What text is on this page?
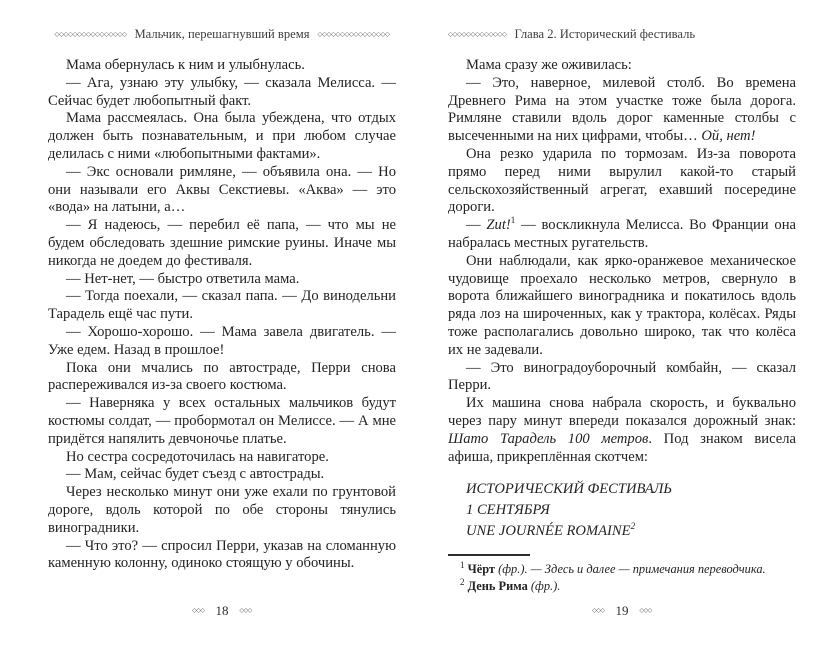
◇◇◇◇◇◇◇◇◇◇◇◇◇◇◇◇ Мальчик, перешагнувший время ◇◇◇◇◇◇◇◇◇◇◇◇◇◇◇◇

Мама обернулась к ним и улыбнулась.

— Ага, узнаю эту улыбку, — сказала Мелисса. — Сейчас будет любопытный факт.

Мама рассмеялась. Она была убеждена, что отдых должен быть познавательным, и при любом случае делилась с ними «любопытными фактами».

— Экс основали римляне, — объявила она. — Но они называли его Аквы Секстиевы. «Аква» — это «вода» на латыни, а…

— Я надеюсь, — перебил её папа, — что мы не будем обследовать здешние римские руины. Иначе мы никогда не доедем до фестиваля.

— Нет-нет, — быстро ответила мама.

— Тогда поехали, — сказал папа. — До винодельни Тарадель ещё час пути.

— Хорошо-хорошо. — Мама завела двигатель. — Уже едем. Назад в прошлое!

Пока они мчались по автостраде, Перри снова распереживался из-за своего костюма.

— Наверняка у всех остальных мальчиков будут костюмы солдат, — пробормотал он Мелиссе. — А мне придётся напялить девчоночье платье.

Но сестра сосредоточилась на навигаторе.

— Мам, сейчас будет съезд с автострады.

Через несколько минут они уже ехали по грунтовой дороге, вдоль которой по обе стороны тянулись виноградники.

— Что это? — спросил Перри, указав на сломанную каменную колонну, одиноко стоящую у обочины.

◇◇◇ 18 ◇◇◇
◇◇◇◇◇◇◇◇◇◇◇◇◇ Глава 2. Исторический фестиваль

Мама сразу же оживилась:

— Это, наверное, милевой столб. Во времена Древнего Рима на этом участке тоже была дорога. Римляне ставили вдоль дорог каменные столбы с высеченными на них цифрами, чтобы… Ой, нет!

Она резко ударила по тормозам. Из-за поворота прямо перед ними вырулил какой-то старый сельскохозяйственный агрегат, ехавший посередине дороги.

— Zut!$^1$ — воскликнула Мелисса. Во Франции она набралась местных ругательств.

Они наблюдали, как ярко-оранжевое механическое чудовище проехало несколько метров, свернуло в ворота ближайшего виноградника и покатилось вдоль ряда лоз на широченных, как у трактора, колёсах. Ряды тоже располагались довольно широко, так что колёса их не задевали.

— Это виноградоуборочный комбайн, — сказал Перри.

Их машина снова набрала скорость, и буквально через пару минут впереди показался дорожный знак: Шато Тарадель 100 метров. Под знаком висела афиша, прикреплённая скотчем:

ИСТОРИЧЕСКИЙ ФЕСТИВАЛЬ

1 СЕНТЯБРЯ

UNE JOURNÉE ROMAINE$^2$

$^1$ Чёрт (фр.). — Здесь и далее — примечания переводчика.

$^2$ День Рима (фр.).

◇◇◇ 19 ◇◇◇
